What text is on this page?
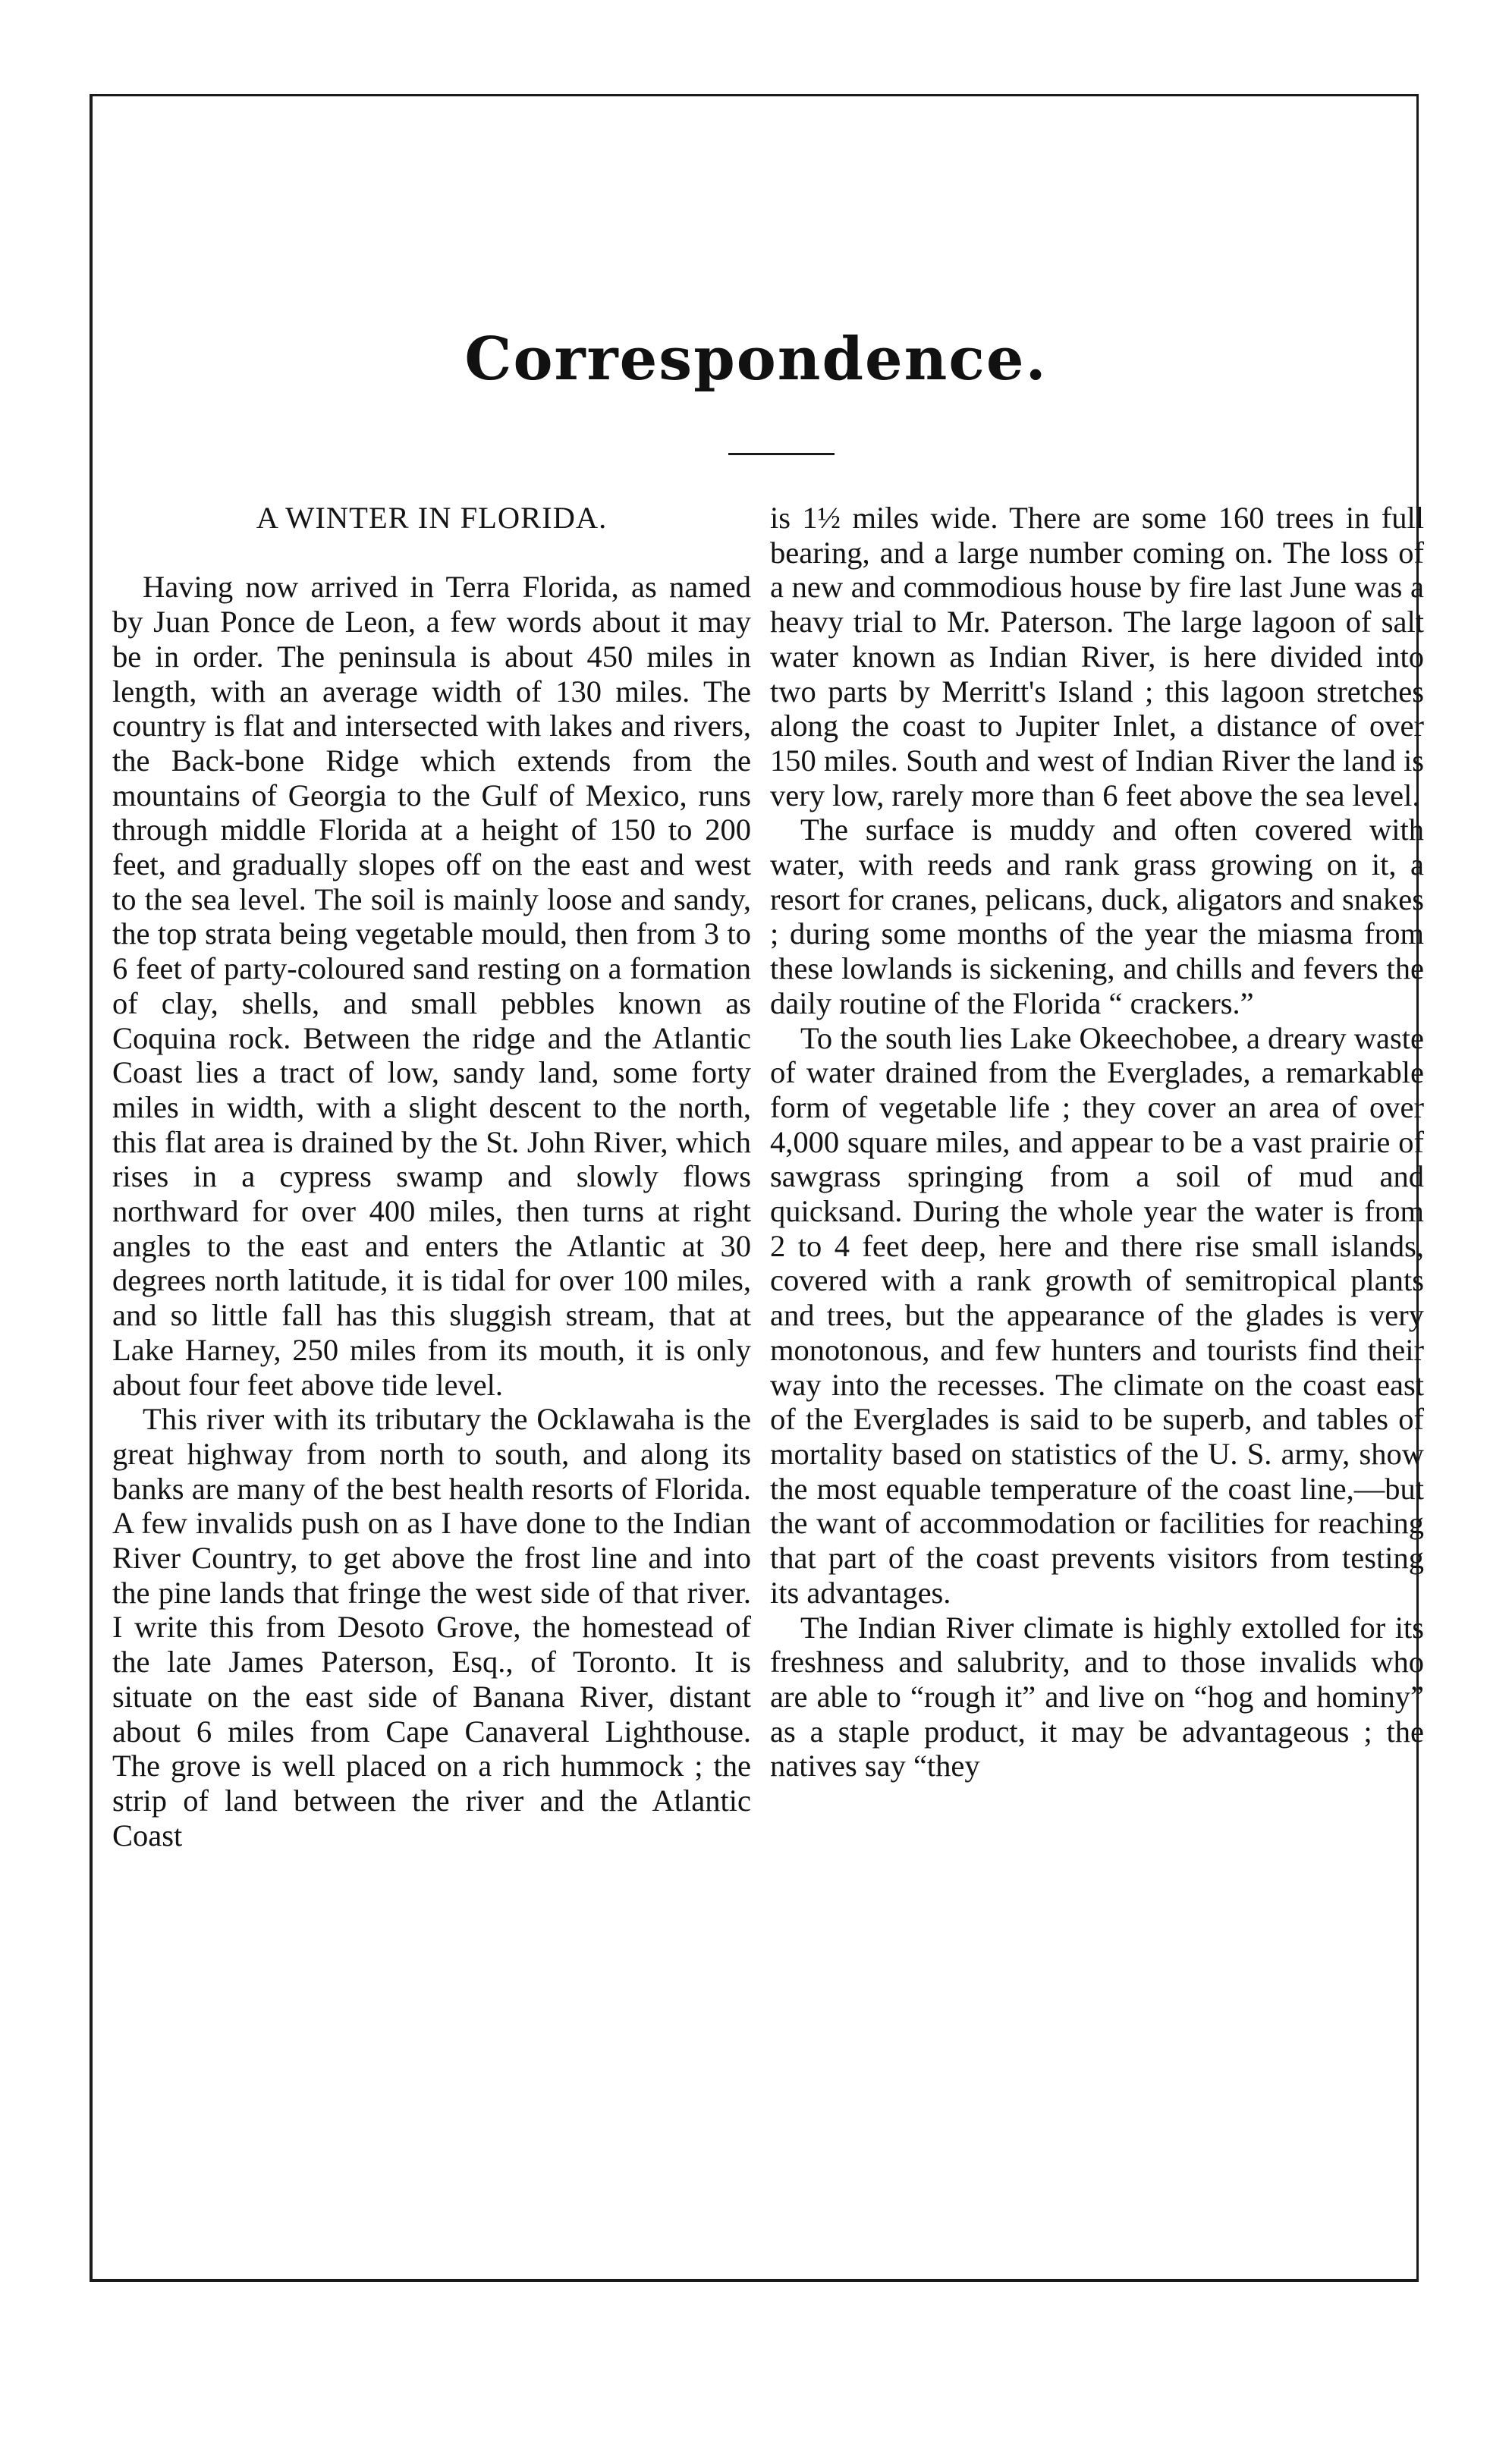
Correspondence.
A WINTER IN FLORIDA.

Having now arrived in Terra Florida, as named by Juan Ponce de Leon, a few words about it may be in order. The peninsula is about 450 miles in length, with an average width of 130 miles. The country is flat and intersected with lakes and rivers, the Back-bone Ridge which extends from the mountains of Georgia to the Gulf of Mexico, runs through middle Florida at a height of 150 to 200 feet, and gradually slopes off on the east and west to the sea level. The soil is mainly loose and sandy, the top strata being vegetable mould, then from 3 to 6 feet of party-coloured sand resting on a formation of clay, shells, and small pebbles known as Coquina rock. Between the ridge and the Atlantic Coast lies a tract of low, sandy land, some forty miles in width, with a slight descent to the north, this flat area is drained by the St. John River, which rises in a cypress swamp and slowly flows northward for over 400 miles, then turns at right angles to the east and enters the Atlantic at 30 degrees north latitude, it is tidal for over 100 miles, and so little fall has this sluggish stream, that at Lake Harney, 250 miles from its mouth, it is only about four feet above tide level.

This river with its tributary the Ocklawaha is the great highway from north to south, and along its banks are many of the best health resorts of Florida. A few invalids push on as I have done to the Indian River Country, to get above the frost line and into the pine lands that fringe the west side of that river. I write this from Desoto Grove, the homestead of the late James Paterson, Esq., of Toronto. It is situate on the east side of Banana River, distant about 6 miles from Cape Canaveral Lighthouse. The grove is well placed on a rich hummock ; the strip of land between the river and the Atlantic Coast

is 1½ miles wide. There are some 160 trees in full bearing, and a large number coming on. The loss of a new and commodious house by fire last June was a heavy trial to Mr. Paterson. The large lagoon of salt water known as Indian River, is here divided into two parts by Merritt's Island ; this lagoon stretches along the coast to Jupiter Inlet, a distance of over 150 miles. South and west of Indian River the land is very low, rarely more than 6 feet above the sea level.

The surface is muddy and often covered with water, with reeds and rank grass growing on it, a resort for cranes, pelicans, duck, aligators and snakes ; during some months of the year the miasma from these lowlands is sickening, and chills and fevers the daily routine of the Florida “ crackers.”

To the south lies Lake Okeechobee, a dreary waste of water drained from the Everglades, a remarkable form of vegetable life ; they cover an area of over 4,000 square miles, and appear to be a vast prairie of sawgrass springing from a soil of mud and quicksand. During the whole year the water is from 2 to 4 feet deep, here and there rise small islands, covered with a rank growth of semitropical plants and trees, but the appearance of the glades is very monotonous, and few hunters and tourists find their way into the recesses. The climate on the coast east of the Everglades is said to be superb, and tables of mortality based on statistics of the U. S. army, show the most equable temperature of the coast line,—but the want of accommodation or facilities for reaching that part of the coast prevents visitors from testing its advantages.

The Indian River climate is highly extolled for its freshness and salubrity, and to those invalids who are able to “rough it” and live on “hog and hominy” as a staple product, it may be advantageous ; the natives say “they
